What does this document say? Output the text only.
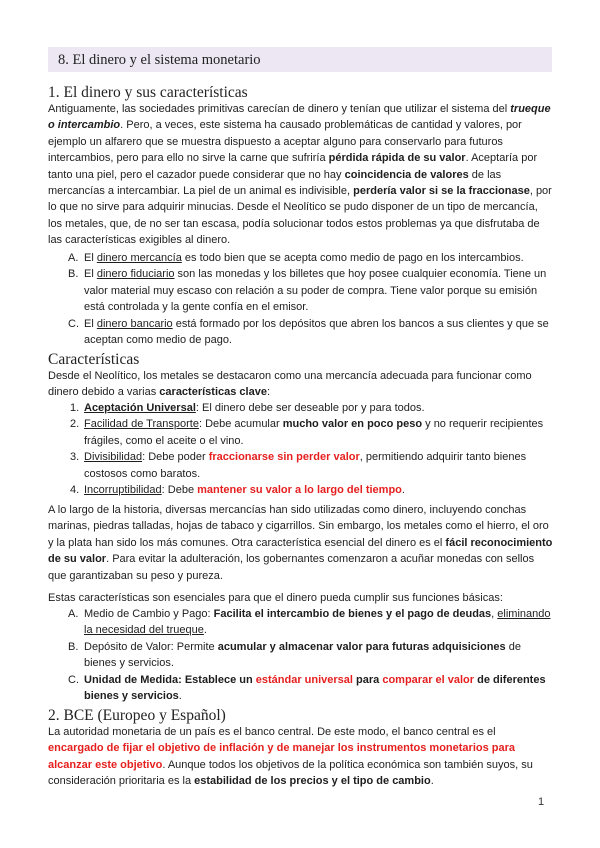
8. El dinero y el sistema monetario
1. El dinero y sus características

Antiguamente, las sociedades primitivas carecían de dinero y tenían que utilizar el sistema del trueque o intercambio. Pero, a veces, este sistema ha causado problemáticas de cantidad y valores, por ejemplo un alfarero que se muestra dispuesto a aceptar alguno para conservarlo para futuros intercambios, pero para ello no sirve la carne que sufriría pérdida rápida de su valor. Aceptaría por tanto una piel, pero el cazador puede considerar que no hay coincidencia de valores de las mercancías a intercambiar. La piel de un animal es indivisible, perdería valor si se la fraccionase, por lo que no sirve para adquirir minucias. Desde el Neolítico se pudo disponer de un tipo de mercancía, los metales, que, de no ser tan escasa, podía solucionar todos estos problemas ya que disfrutaba de las características exigibles al dinero.

A. El dinero mercancía es todo bien que se acepta como medio de pago en los intercambios.
B. El dinero fiduciario son las monedas y los billetes que hoy posee cualquier economía. Tiene un valor material muy escaso con relación a su poder de compra. Tiene valor porque su emisión está controlada y la gente confía en el emisor.
C. El dinero bancario está formado por los depósitos que abren los bancos a sus clientes y que se aceptan como medio de pago.
Características

Desde el Neolítico, los metales se destacaron como una mercancía adecuada para funcionar como dinero debido a varias características clave:

1. Aceptación Universal: El dinero debe ser deseable por y para todos.
2. Facilidad de Transporte: Debe acumular mucho valor en poco peso y no requerir recipientes frágiles, como el aceite o el vino.
3. Divisibilidad: Debe poder fraccionarse sin perder valor, permitiendo adquirir tanto bienes costosos como baratos.
4. Incorruptibilidad: Debe mantener su valor a lo largo del tiempo.

A lo largo de la historia, diversas mercancías han sido utilizadas como dinero, incluyendo conchas marinas, piedras talladas, hojas de tabaco y cigarrillos. Sin embargo, los metales como el hierro, el oro y la plata han sido los más comunes. Otra característica esencial del dinero es el fácil reconocimiento de su valor. Para evitar la adulteración, los gobernantes comenzaron a acuñar monedas con sellos que garantizaban su peso y pureza.

Estas características son esenciales para que el dinero pueda cumplir sus funciones básicas:

A. Medio de Cambio y Pago: Facilita el intercambio de bienes y el pago de deudas, eliminando la necesidad del trueque.
B. Depósito de Valor: Permite acumular y almacenar valor para futuras adquisiciones de bienes y servicios.
C. Unidad de Medida: Establece un estándar universal para comparar el valor de diferentes bienes y servicios.
2. BCE (Europeo y Español)

La autoridad monetaria de un país es el banco central. De este modo, el banco central es el encargado de fijar el objetivo de inflación y de manejar los instrumentos monetarios para alcanzar este objetivo. Aunque todos los objetivos de la política económica son también suyos, su consideración prioritaria es la estabilidad de los precios y el tipo de cambio.

1
